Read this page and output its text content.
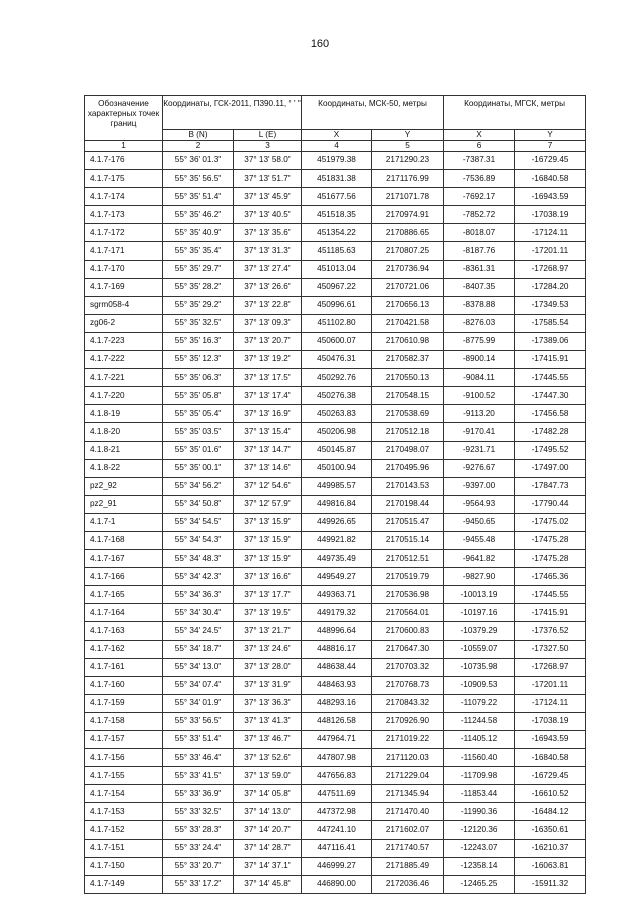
160
Обозначение характерных точек границ	Координаты, ГСК-2011, П390.11, ° ' "		Координаты, МСК-50, метры		Координаты, МГСК, метры	
	B (N)	L (E)	X	Y	X	Y
1	2	3	4	5	6	7
4.1.7-176	55° 36' 01.3"	37° 13' 58.0"	451979.38	2171290.23	-7387.31	-16729.45
4.1.7-175	55° 35' 56.5"	37° 13' 51.7"	451831.38	2171176.99	-7536.89	-16840.58
4.1.7-174	55° 35' 51.4"	37° 13' 45.9"	451677.56	2171071.78	-7692.17	-16943.59
4.1.7-173	55° 35' 46.2"	37° 13' 40.5"	451518.35	2170974.91	-7852.72	-17038.19
4.1.7-172	55° 35' 40.9"	37° 13' 35.6"	451354.22	2170886.65	-8018.07	-17124.11
4.1.7-171	55° 35' 35.4"	37° 13' 31.3"	451185.63	2170807.25	-8187.76	-17201.11
4.1.7-170	55° 35' 29.7"	37° 13' 27.4"	451013.04	2170736.94	-8361.31	-17268.97
4.1.7-169	55° 35' 28.2"	37° 13' 26.6"	450967.22	2170721.06	-8407.35	-17284.20
sgrm058-4	55° 35' 29.2"	37° 13' 22.8"	450996.61	2170656.13	-8378.88	-17349.53
zg06-2	55° 35' 32.5"	37° 13' 09.3"	451102.80	2170421.58	-8276.03	-17585.54
4.1.7-223	55° 35' 16.3"	37° 13' 20.7"	450600.07	2170610.98	-8775.99	-17389.06
4.1.7-222	55° 35' 12.3"	37° 13' 19.2"	450476.31	2170582.37	-8900.14	-17415.91
4.1.7-221	55° 35' 06.3"	37° 13' 17.5"	450292.76	2170550.13	-9084.11	-17445.55
4.1.7-220	55° 35' 05.8"	37° 13' 17.4"	450276.38	2170548.15	-9100.52	-17447.30
4.1.8-19	55° 35' 05.4"	37° 13' 16.9"	450263.83	2170538.69	-9113.20	-17456.58
4.1.8-20	55° 35' 03.5"	37° 13' 15.4"	450206.98	2170512.18	-9170.41	-17482.28
4.1.8-21	55° 35' 01.6"	37° 13' 14.7"	450145.87	2170498.07	-9231.71	-17495.52
4.1.8-22	55° 35' 00.1"	37° 13' 14.6"	450100.94	2170495.96	-9276.67	-17497.00
pz2_92	55° 34' 56.2"	37° 12' 54.6"	449985.57	2170143.53	-9397.00	-17847.73
pz2_91	55° 34' 50.8"	37° 12' 57.9"	449816.84	2170198.44	-9564.93	-17790.44
4.1.7-1	55° 34' 54.5"	37° 13' 15.9"	449926.65	2170515.47	-9450.65	-17475.02
4.1.7-168	55° 34' 54.3"	37° 13' 15.9"	449921.82	2170515.14	-9455.48	-17475.28
4.1.7-167	55° 34' 48.3"	37° 13' 15.9"	449735.49	2170512.51	-9641.82	-17475.28
4.1.7-166	55° 34' 42.3"	37° 13' 16.6"	449549.27	2170519.79	-9827.90	-17465.36
4.1.7-165	55° 34' 36.3"	37° 13' 17.7"	449363.71	2170536.98	-10013.19	-17445.55
4.1.7-164	55° 34' 30.4"	37° 13' 19.5"	449179.32	2170564.01	-10197.16	-17415.91
4.1.7-163	55° 34' 24.5"	37° 13' 21.7"	448996.64	2170600.83	-10379.29	-17376.52
4.1.7-162	55° 34' 18.7"	37° 13' 24.6"	448816.17	2170647.30	-10559.07	-17327.50
4.1.7-161	55° 34' 13.0"	37° 13' 28.0"	448638.44	2170703.32	-10735.98	-17268.97
4.1.7-160	55° 34' 07.4"	37° 13' 31.9"	448463.93	2170768.73	-10909.53	-17201.11
4.1.7-159	55° 34' 01.9"	37° 13' 36.3"	448293.16	2170843.32	-11079.22	-17124.11
4.1.7-158	55° 33' 56.5"	37° 13' 41.3"	448126.58	2170926.90	-11244.58	-17038.19
4.1.7-157	55° 33' 51.4"	37° 13' 46.7"	447964.71	2171019.22	-11405.12	-16943.59
4.1.7-156	55° 33' 46.4"	37° 13' 52.6"	447807.98	2171120.03	-11560.40	-16840.58
4.1.7-155	55° 33' 41.5"	37° 13' 59.0"	447656.83	2171229.04	-11709.98	-16729.45
4.1.7-154	55° 33' 36.9"	37° 14' 05.8"	447511.69	2171345.94	-11853.44	-16610.52
4.1.7-153	55° 33' 32.5"	37° 14' 13.0"	447372.98	2171470.40	-11990.36	-16484.12
4.1.7-152	55° 33' 28.3"	37° 14' 20.7"	447241.10	2171602.07	-12120.36	-16350.61
4.1.7-151	55° 33' 24.4"	37° 14' 28.7"	447116.41	2171740.57	-12243.07	-16210.37
4.1.7-150	55° 33' 20.7"	37° 14' 37.1"	446999.27	2171885.49	-12358.14	-16063.81
4.1.7-149	55° 33' 17.2"	37° 14' 45.8"	446890.00	2172036.46	-12465.25	-15911.32
